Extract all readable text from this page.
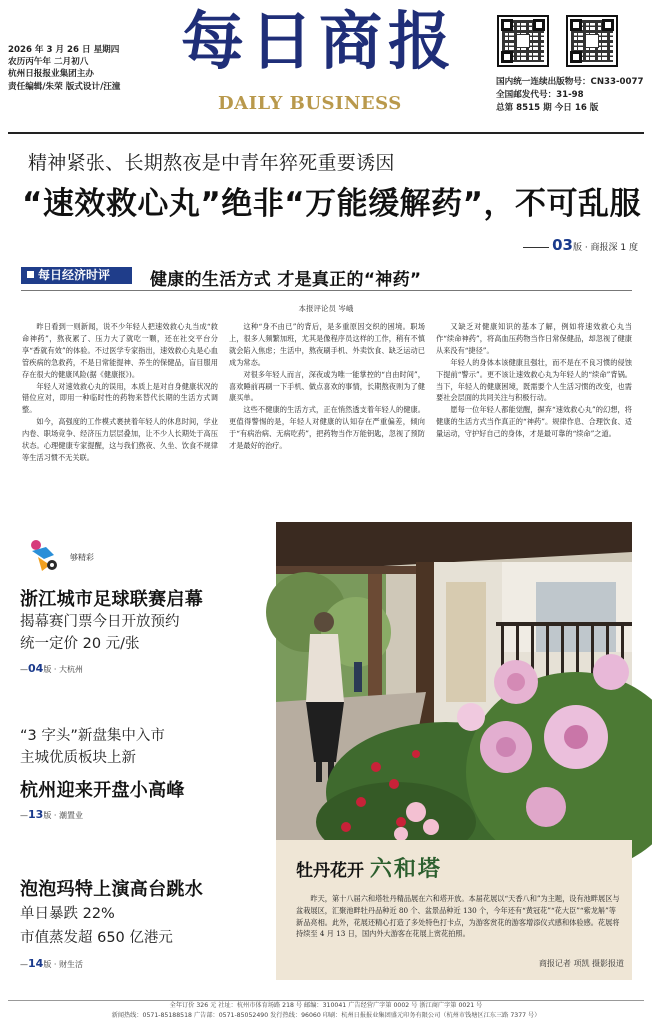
2026 年 3 月 26 日 星期四
农历丙午年 二月初八
杭州日报报业集团主办
责任编辑/朱荣 版式设计/汪潼
每日商报
DAILY BUSINESS
国内统一连续出版物号：CN33-0077
全国邮发代号：31-98
总第 8515 期 今日 16 版
精神紧张、长期熬夜是中青年猝死重要诱因
“速效救心丸”绝非“万能缓解药”，不可乱服
03版 · 商报深 1 度
每日经济时评	健康的生活方式 才是真正的“神药”
本报评论员 岑峨

昨日看到一则新闻，说不少年轻人把速效救心丸当成“救命神药”，熬夜累了、压力大了就吃一颗，还在社交平台分享“香就有效”的体验。不过医学专家指出，速效救心丸是心血管疾病的急救药，不是日常能提神、养生的保健品，盲目服用存在很大的健康风险(据《健康报》)。

年轻人对速效救心丸的误用，本质上是对自身健康状况的错位应对，即用一种临时性的药物来替代长期的生活方式调整。

如今，高强度的工作模式裹挟着年轻人的休息时间，学业内卷、职场竞争、经济压力层层叠加，让不少人长期处于高压状态。心理健康专家提醒，这与我们熬夜、久坐、饮食不规律等生活习惯不无关联。

这种“身不由已”的背后，是多重原因交织的困境。职场上，很多人频繁加班，尤其是像程序员这样的工作，稍有不慎就会陷入焦虑；生活中，熬夜刷手机、外卖饮食、缺乏运动已成为常态。

对很多年轻人而言，深夜或为唯一能掌控的“自由时间”，喜欢睡前再刷一下手机、做点喜欢的事情，长期熬夜则为了健康买单。

这些不健康的生活方式，正在悄然透支着年轻人的健康。更值得警惕的是，年轻人对健康的认知存在严重偏差，倾向于“有病治病、无病吃药”，把药物当作万能钥匙，忽视了预防才是最好的治疗。

又缺乏对健康知识的基本了解，例如将速效救心丸当作“续命神药”，将高血压药物当作日常保健品，却忽视了健康从来没有“捷径”。

年轻人的身体本该健康且强壮，而不是在不良习惯的侵蚀下提前“警示”。更不该让速效救心丸为年轻人的“续命”背锅。当下，年轻人的健康困境，既需要个人生活习惯的改变，也需要社会层面的共同关注与积极行动。

愿每一位年轻人都能觉醒，摒弃“速效救心丸”的幻想，将健康的生活方式当作真正的“神药”。规律作息、合理饮食、适量运动，守护好自己的身体，才是最可靠的“续命”之道。

够精彩
浙江城市足球联赛启幕
揭幕赛门票今日开放预约
统一定价 20 元/张
—04版 · 大杭州
“3 字头”新盘集中入市
主城优质板块上新
杭州迎来开盘小高峰
—13版 · 潮置业
泡泡玛特上演高台跳水
单日暴跌 22%
市值蒸发超 650 亿港元
—14版 · 财生活
牡丹花开 六和塔
昨天，第十八届六和塔牡丹精品展在六和塔开放。本届花展以“天香八和”为主题，设有池畔展区与盆栽展区，汇聚池畔牡丹品种近 80 个、盆景品种近 130 个，今年还有“黄冠花”“花大臣”“紫龙斛”等新品亮相。此外，花展还精心打造了多处特色打卡点，为游客赏花的游客增添仪式感和体验感。花展将持续至 4 月 13 日，国内外大游客在花展上赏花拍照。
商报记者 项凯 摄影报道
全年订价 326 元 社址：杭州市体育场路 218 号 邮编：310041 广告经营广字第 0002 号 浙江商广字第 0021 号
新闻热线：0571-85188518 广告部：0571-85052490 发行热线：96060 印刷：杭州日报报业集团盛元印务有限公司（杭州市钱塘区江东三路 7377 号）
